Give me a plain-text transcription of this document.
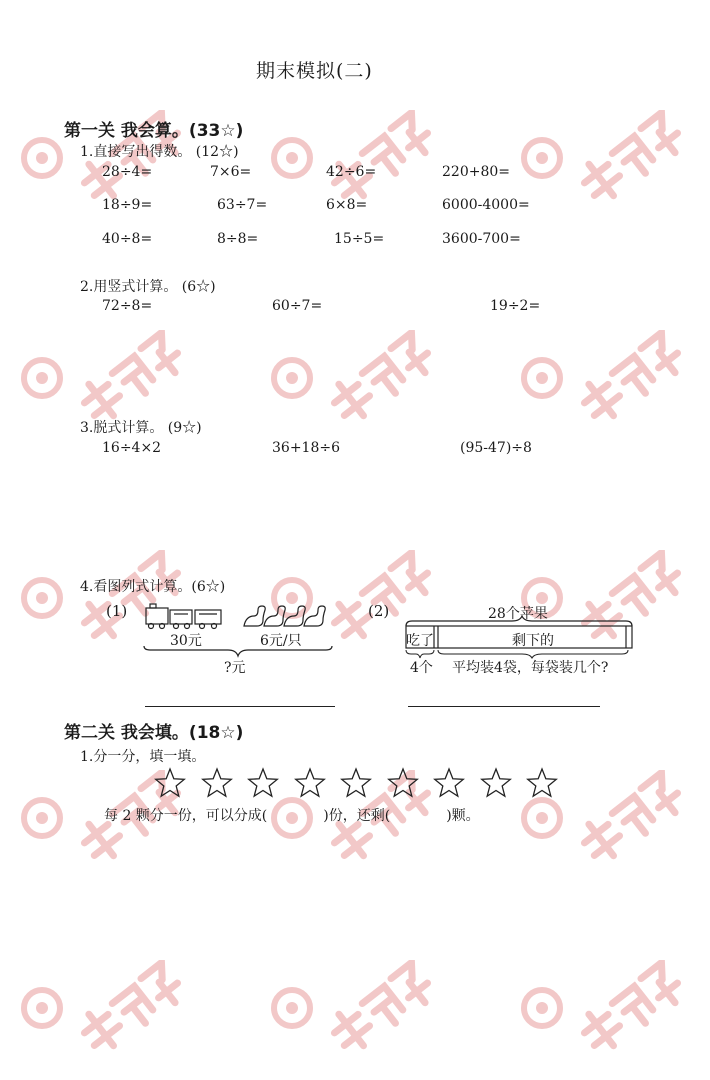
期末模拟(二)
第一关 我会算。(33☆)
1.直接写出得数。 (12☆)
28÷4=	7×6=	42÷6=	220+80=
18÷9=	63÷7=	6×8=	6000-4000=
40÷8=	8÷8=	15÷5=	3600-700=
2.用竖式计算。 (6☆)
72÷8=	60÷7=	19÷2=
3.脱式计算。 (9☆)
16÷4×2	36+18÷6	(95-47)÷8
4.看图列式计算。(6☆)
(1)
30元	6元/只
?元
(2)	28个苹果
吃了	剩下的
4个 平均装4袋，每袋装几个?
第二关 我会填。(18☆)
1.分一分，填一填。
每 2 颗分一份，可以分成(	)份，还剩(	)颗。
